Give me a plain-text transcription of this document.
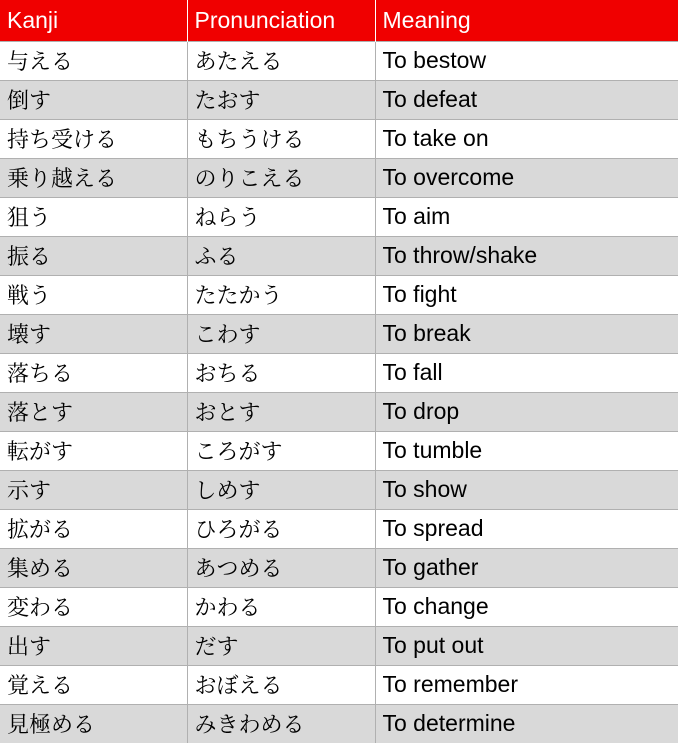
Kanji	Pronunciation	Meaning
与える	あたえる	To bestow
倒す	たおす	To defeat
持ち受ける	もちうける	To take on
乗り越える	のりこえる	To overcome
狙う	ねらう	To aim
振る	ふる	To throw/shake
戦う	たたかう	To fight
壊す	こわす	To break
落ちる	おちる	To fall
落とす	おとす	To drop
転がす	ころがす	To tumble
示す	しめす	To show
拡がる	ひろがる	To spread
集める	あつめる	To gather
変わる	かわる	To change
出す	だす	To put out
覚える	おぼえる	To remember
見極める	みきわめる	To determine
